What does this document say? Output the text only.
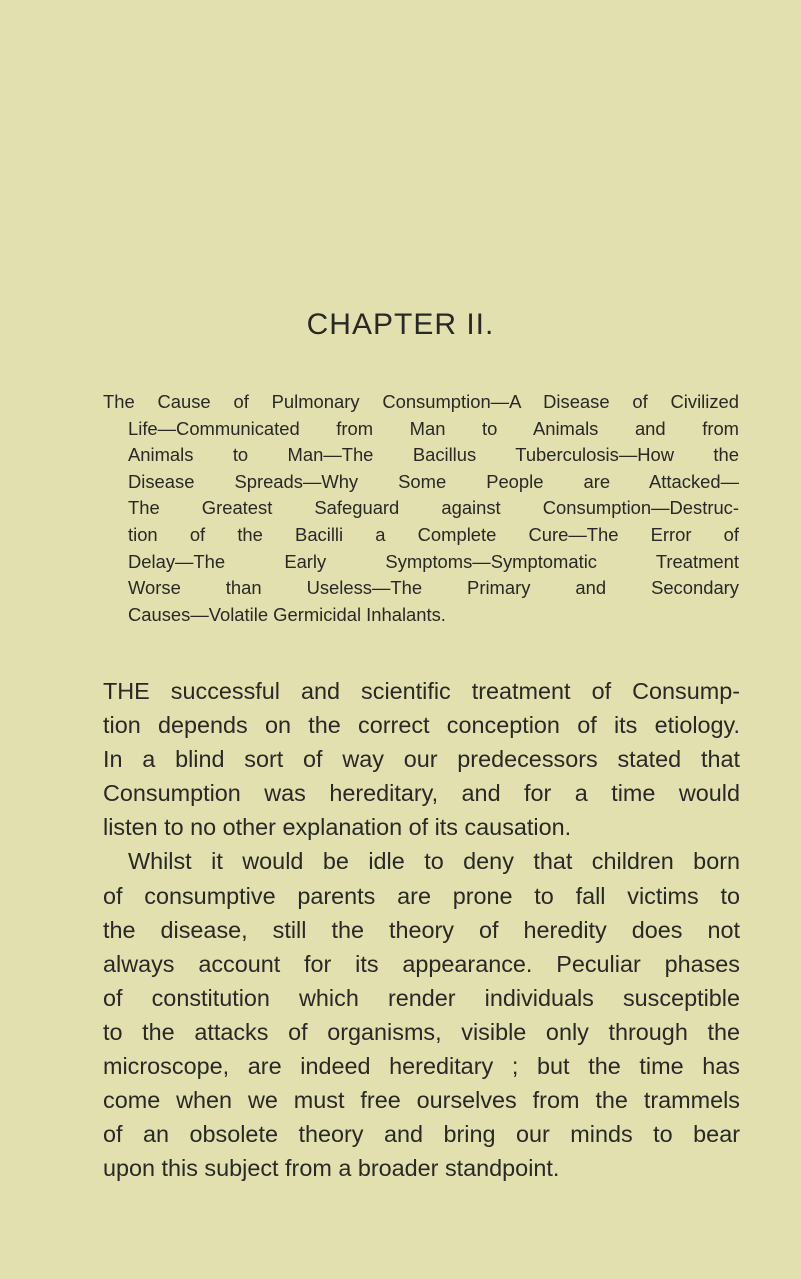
CHAPTER II.
The Cause of Pulmonary Consumption—A Disease of Civilized
Life—Communicated from Man to Animals and from
Animals to Man—The Bacillus Tuberculosis—How the
Disease Spreads—Why Some People are Attacked—
The Greatest Safeguard against Consumption—Destruc-
tion of the Bacilli a Complete Cure—The Error of
Delay—The Early Symptoms—Symptomatic Treatment
Worse than Useless—The Primary and Secondary
Causes—Volatile Germicidal Inhalants.
THE successful and scientific treatment of Consump-
tion depends on the correct conception of its etiology.
In a blind sort of way our predecessors stated that
Consumption was hereditary, and for a time would
listen to no other explanation of its causation.
Whilst it would be idle to deny that children born
of consumptive parents are prone to fall victims to
the disease, still the theory of heredity does not
always account for its appearance. Peculiar phases
of constitution which render individuals susceptible
to the attacks of organisms, visible only through the
microscope, are indeed hereditary ; but the time has
come when we must free ourselves from the trammels
of an obsolete theory and bring our minds to bear
upon this subject from a broader standpoint.
